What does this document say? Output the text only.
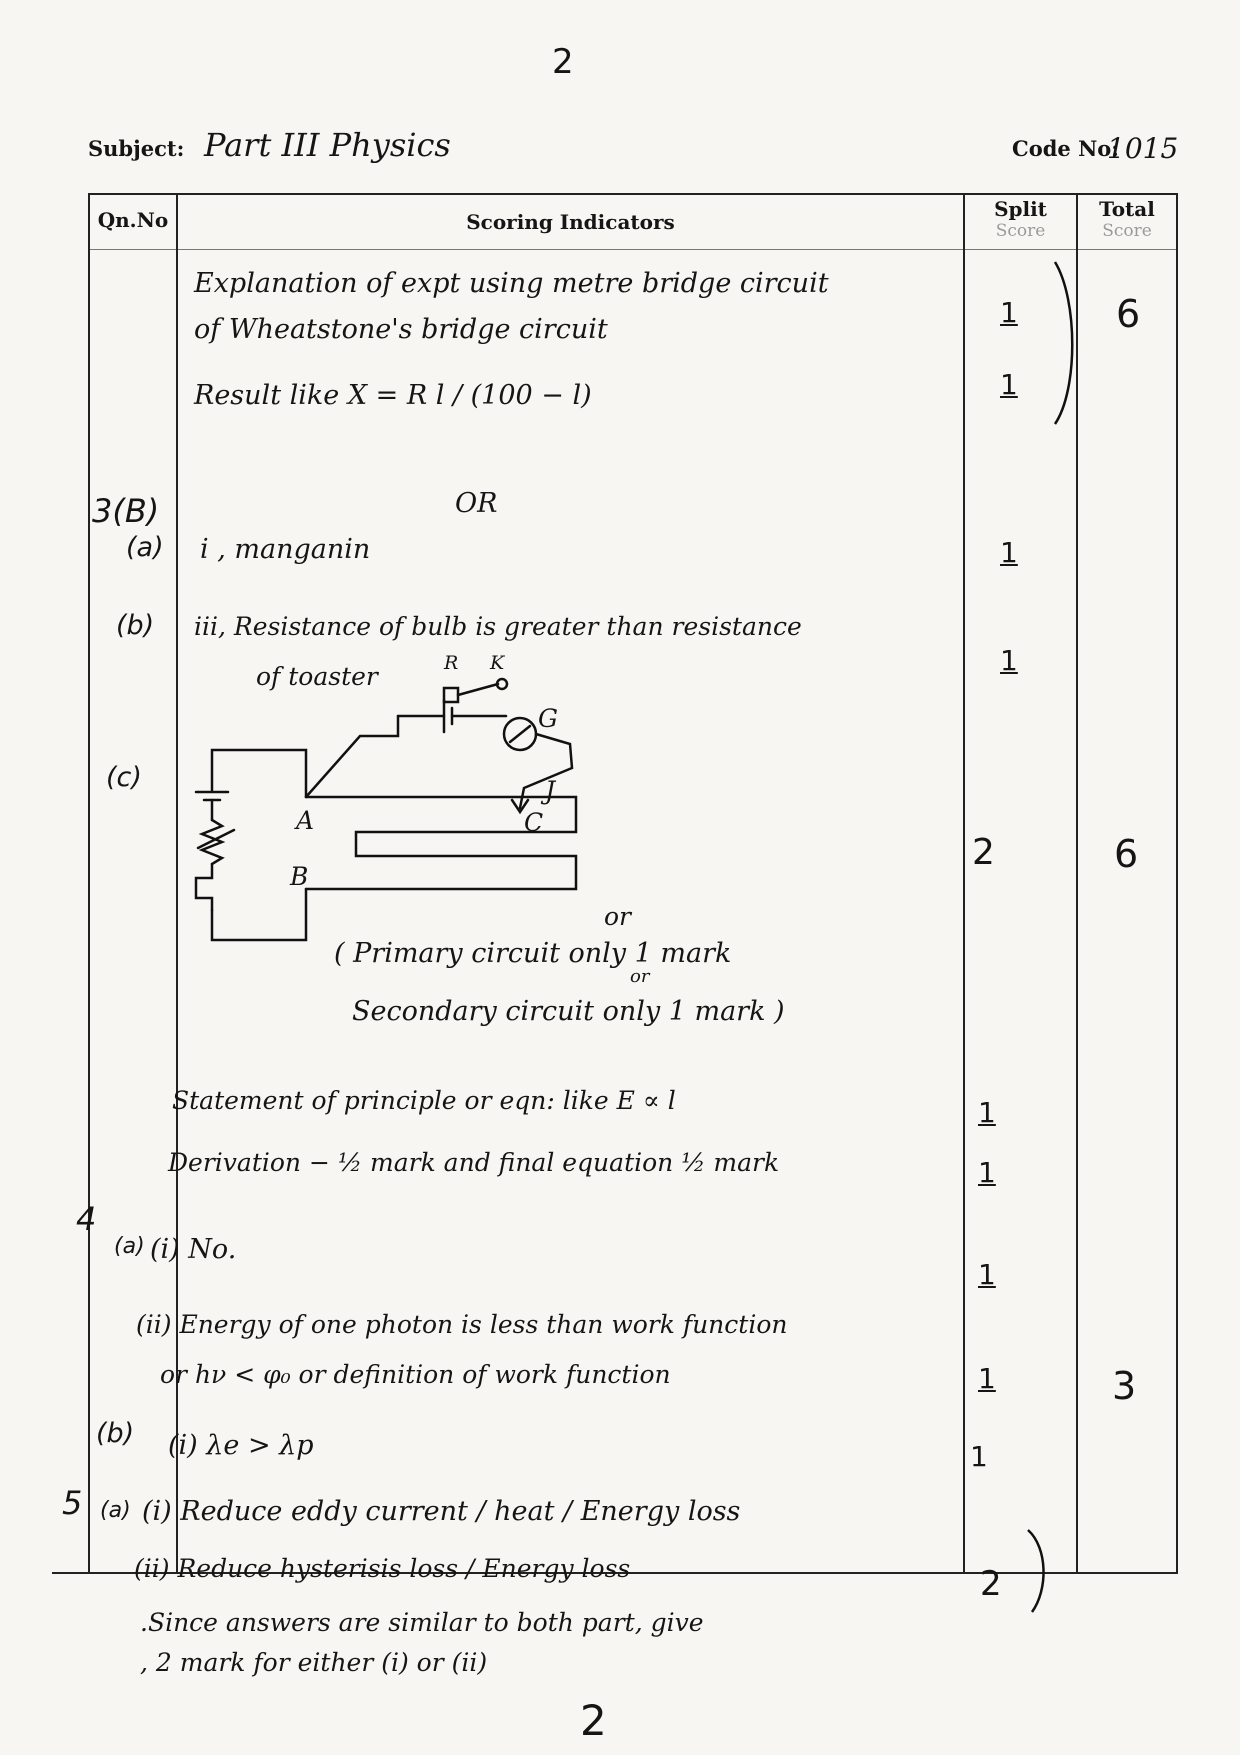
2
Subject: Part III Physics	Code No:
1015
Qn.No	Scoring Indicators
Split
Score
Total
Score
Explanation of expt using metre bridge circuit
of Wheatstone's bridge circuit
Result like X = R l / (100 − l)
OR
3(B)
(a) i , manganin
(b) iii, Resistance of bulb is greater than resistance
of toaster
(c)
A
B
J
C
G
R K
or
( Primary circuit only 1 mark
or
Secondary circuit only 1 mark )
Statement of principle or eqn: like E ∝ l
Derivation − ½ mark and final equation ½ mark
4
(a) (i) No.
(ii) Energy of one photon is less than work function
or hν < φ₀ or definition of work function
(b) (i) λe > λp
5 (a) (i) Reduce eddy current / heat / Energy loss
(ii) Reduce hysterisis loss / Energy loss
.Since answers are similar to both part, give
, 2 mark for either (i) or (ii)
1
1
1
1
2
1
1
1
1
1
2
6
6
3
2
